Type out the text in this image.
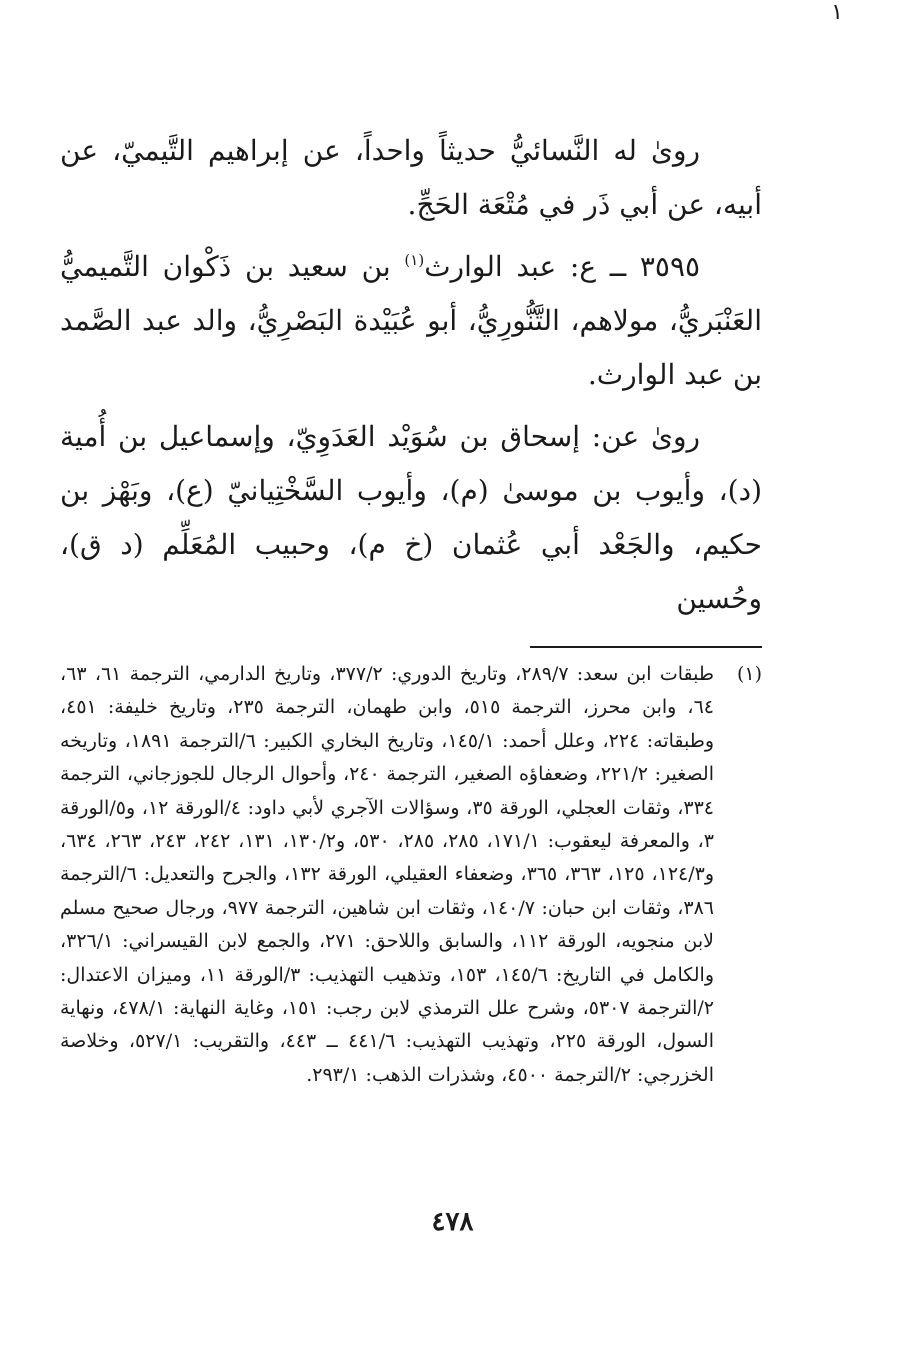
١

رویٰ له النَّسائيُّ حديثاً واحداً، عن إبراهيم التَّيميّ، عن أبيه، عن أبي ذَر في مُتْعَة الحَجِّ.

٣٥٩٥ ــ ع: عبد الوارث$^{(١)}$ بن سعيد بن ذَكْوان التَّميميُّ العَنْبَريُّ، مولاهم، التَّنُّورِيُّ، أبو عُبَيْدة البَصْرِيُّ، والد عبد الصَّمد بن عبد الوارث.

رویٰ عن: إسحاق بن سُوَيْد العَدَوِيّ، وإسماعيل بن أُمية (د)، وأيوب بن موسىٰ (م)، وأيوب السَّخْتِيانيّ (ع)، وبَهْز بن حكيم، والجَعْد أبي عُثمان (خ م)، وحبيب المُعَلِّم (د ق)، وحُسين

(١)
طبقات ابن سعد: ٢٨٩/٧، وتاريخ الدوري: ٣٧٧/٢، وتاريخ الدارمي، الترجمة ٦١، ٦٣، ٦٤، وابن محرز، الترجمة ٥١٥، وابن طهمان، الترجمة ٢٣٥، وتاريخ خليفة: ٤٥١، وطبقاته: ٢٢٤، وعلل أحمد: ١٤٥/١، وتاريخ البخاري الكبير: ٦/الترجمة ١٨٩١، وتاريخه الصغير: ٢٢١/٢، وضعفاؤه الصغير، الترجمة ٢٤٠، وأحوال الرجال للجوزجاني، الترجمة ٣٣٤، وثقات العجلي، الورقة ٣٥، وسؤالات الآجري لأبي داود: ٤/الورقة ١٢، و٥/الورقة ٣، والمعرفة ليعقوب: ١٧١/١، ٢٨٥، ٢٨٥، ٥٣٠، و١٣٠/٢، ١٣١، ٢٤٢، ٢٤٣، ٢٦٣، ٦٣٤، و١٢٤/٣، ١٢٥، ٣٦٣، ٣٦٥، وضعفاء العقيلي، الورقة ١٣٢، والجرح والتعديل: ٦/الترجمة ٣٨٦، وثقات ابن حبان: ١٤٠/٧، وثقات ابن شاهين، الترجمة ٩٧٧، ورجال صحيح مسلم لابن منجويه، الورقة ١١٢، والسابق واللاحق: ٢٧١، والجمع لابن القيسراني: ٣٢٦/١، والكامل في التاريخ: ١٤٥/٦، ١٥٣، وتذهيب التهذيب: ٣/الورقة ١١، وميزان الاعتدال: ٢/الترجمة ٥٣٠٧، وشرح علل الترمذي لابن رجب: ١٥١، وغاية النهاية: ٤٧٨/١، ونهاية السول، الورقة ٢٢٥، وتهذيب التهذيب: ٤٤١/٦ ــ ٤٤٣، والتقريب: ٥٢٧/١، وخلاصة الخزرجي: ٢/الترجمة ٤٥٠٠، وشذرات الذهب: ٢٩٣/١.
٤٧٨
